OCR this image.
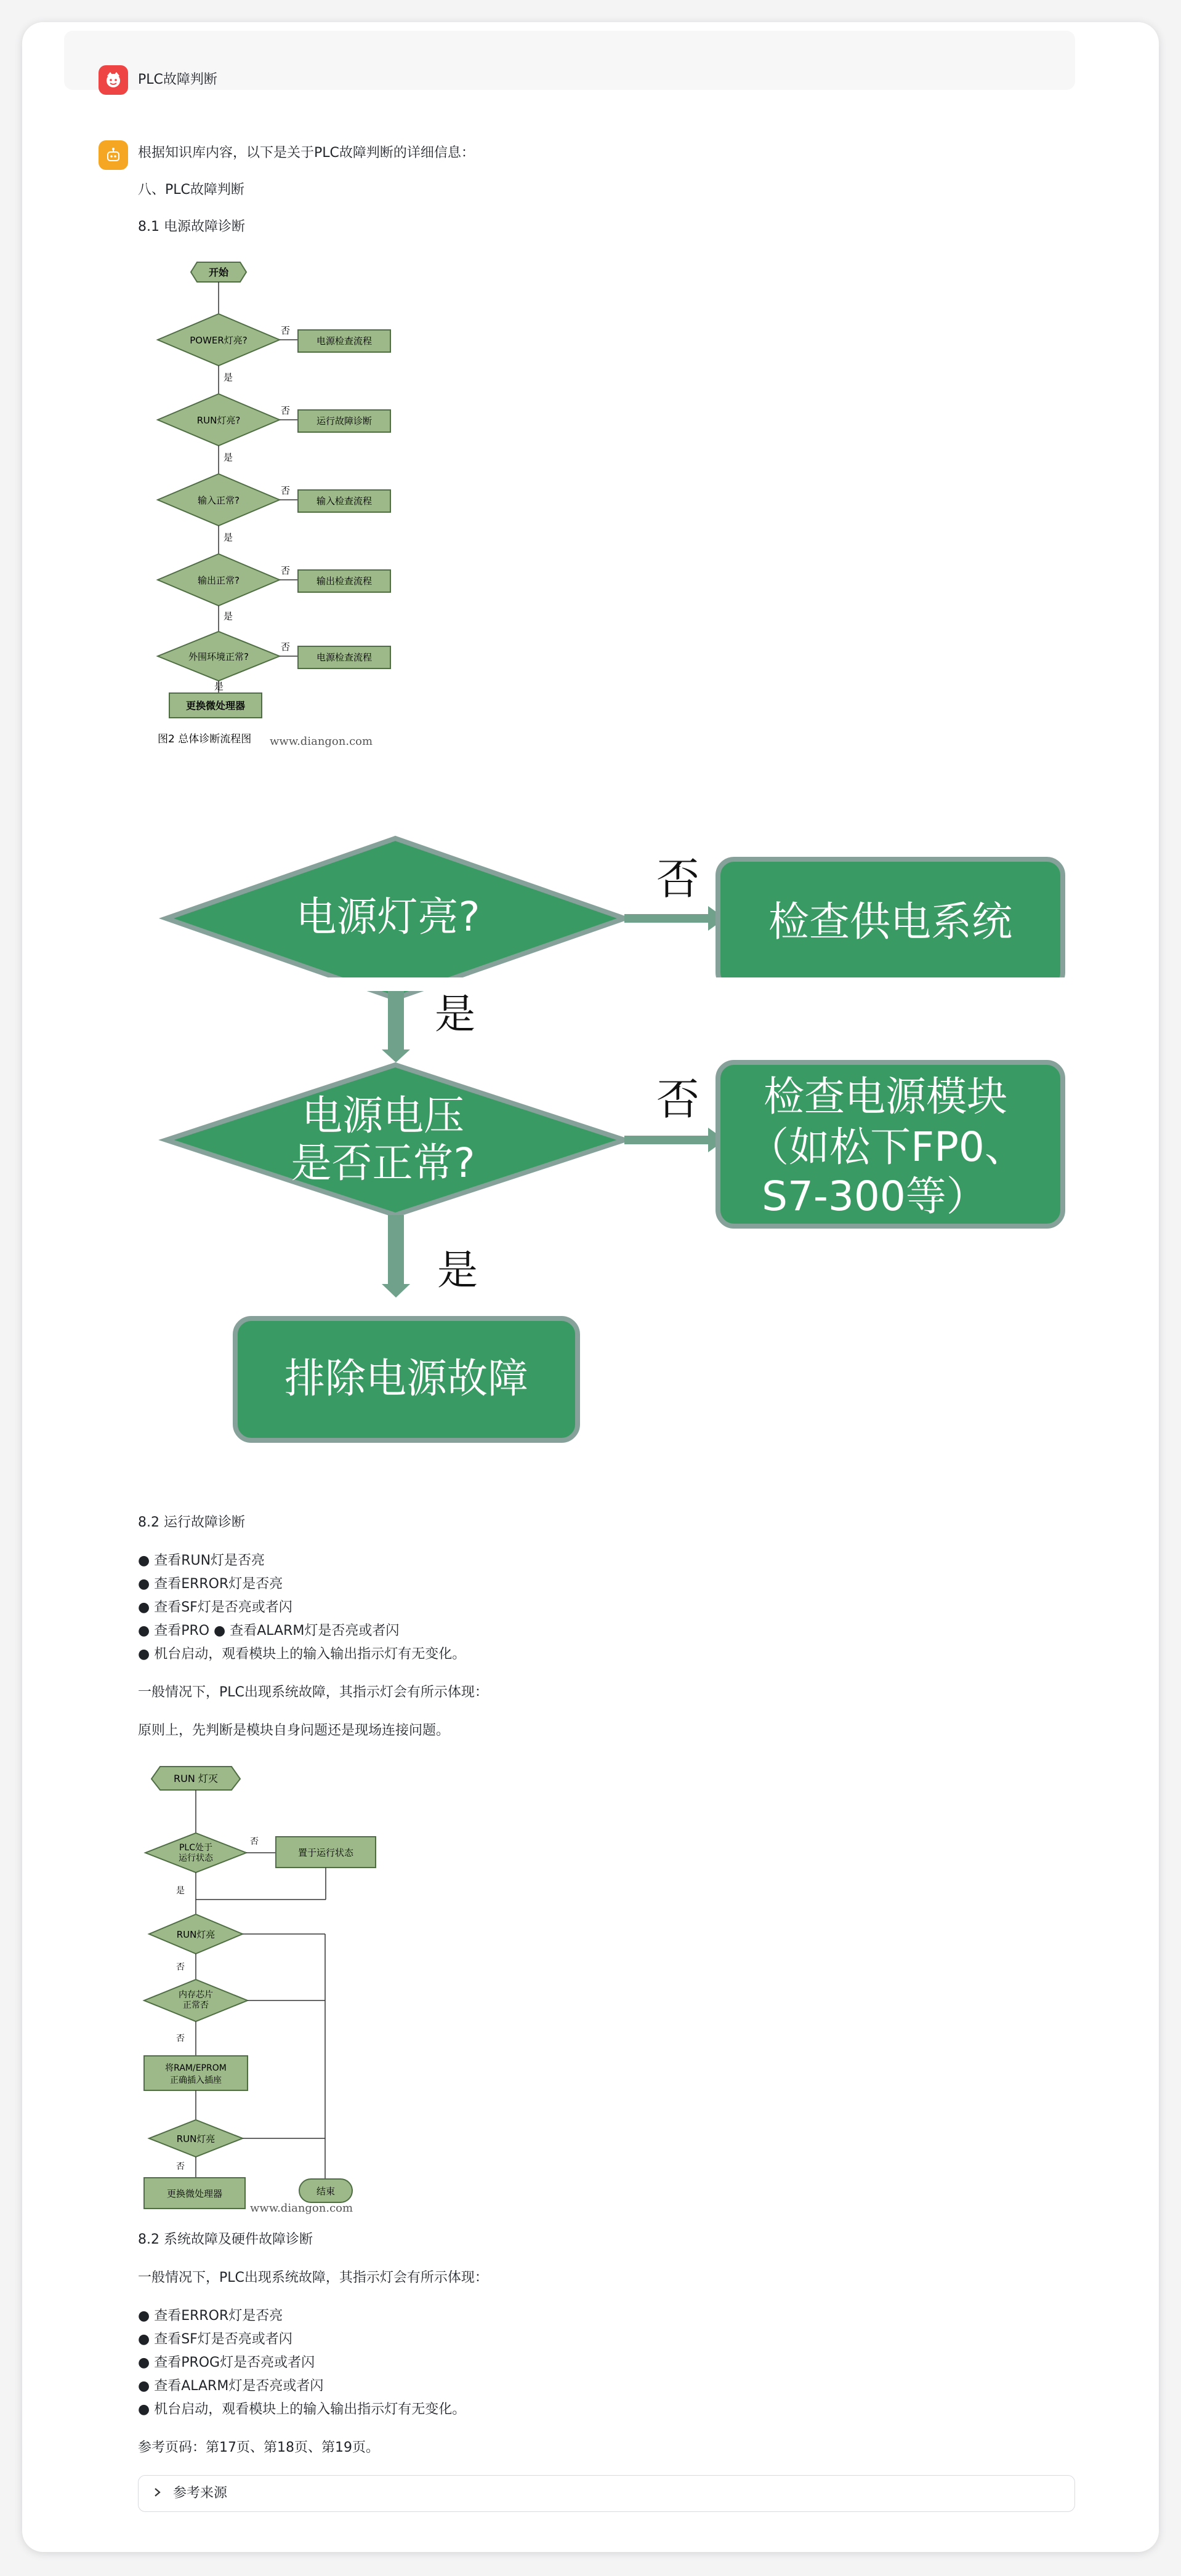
PLC故障判断
根据知识库内容，以下是关于PLC故障判断的详细信息：
八、PLC故障判断
8.1 电源故障诊断
开始
POWER灯亮?
否
电源检查流程
是
RUN灯亮?
否
运行故障诊断
是
输入正常?
否
输入检查流程
是
输出正常?
否
输出检查流程
是
外围环境正常?
否
电源检查流程
是
更换微处理器
图2 总体诊断流程图 www.diangon.com
电源灯亮?
否
检查供电系统
是
电源电压
是否正常?
否 检查电源模块
（如松下FP0、
S7-300等）
是
排除电源故障
8.2 运行故障诊断
● 查看RUN灯是否亮
● 查看ERROR灯是否亮
● 查看SF灯是否亮或者闪
● 查看PRO ● 查看ALARM灯是否亮或者闪
● 机台启动，观看模块上的输入输出指示灯有无变化。
一般情况下，PLC出现系统故障，其指示灯会有所示体现：
原则上，先判断是模块自身问题还是现场连接问题。
RUN 灯灭
PLC处于
运行状态
否
置于运行状态
是
RUN灯亮
否
内存芯片
正常否
否
将RAM/EPROM
正确插入插座
RUN灯亮
否
更换微处理器	结束
www.diangon.com
8.2 系统故障及硬件故障诊断
一般情况下，PLC出现系统故障，其指示灯会有所示体现：
● 查看ERROR灯是否亮
● 查看SF灯是否亮或者闪
● 查看PROG灯是否亮或者闪
● 查看ALARM灯是否亮或者闪
● 机台启动，观看模块上的输入输出指示灯有无变化。
参考页码：第17页、第18页、第19页。
参考来源
